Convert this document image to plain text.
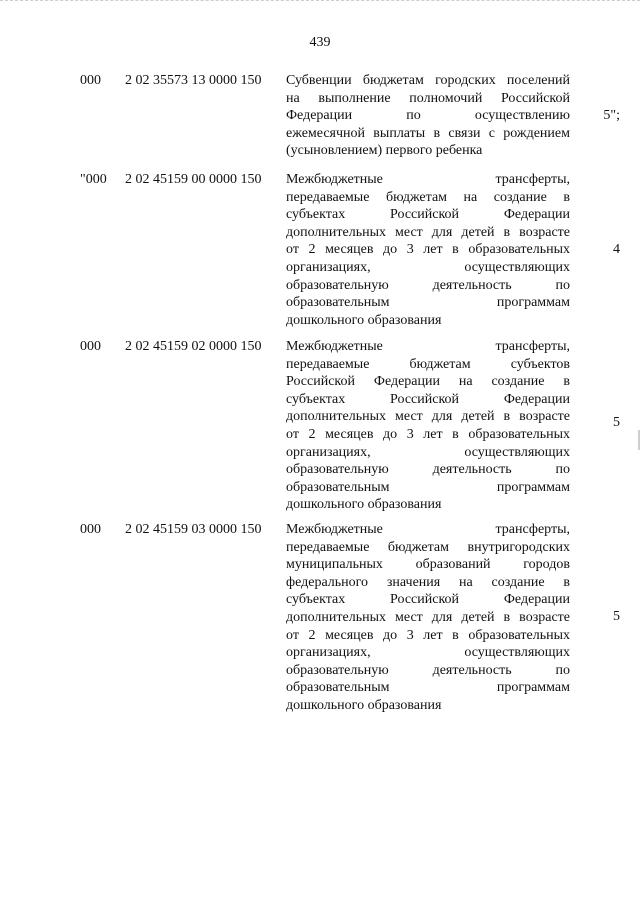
439
000 2 02 35573 13 0000 150 Субвенции бюджетам городских поселений
на выполнение полномочий Российской
Федерации по осуществлению
ежемесячной выплаты в связи с рождением
(усыновлением) первого ребенка
5";
"000 2 02 45159 00 0000 150 Межбюджетные трансферты,
передаваемые бюджетам на создание в
субъектах Российской Федерации
дополнительных мест для детей в возрасте
от 2 месяцев до 3 лет в образовательных
организациях, осуществляющих
образовательную деятельность по
образовательным программам
дошкольного образования
4
000 2 02 45159 02 0000 150 Межбюджетные трансферты,
передаваемые бюджетам субъектов
Российской Федерации на создание в
субъектах Российской Федерации
дополнительных мест для детей в возрасте
от 2 месяцев до 3 лет в образовательных
организациях, осуществляющих
образовательную деятельность по
образовательным программам
дошкольного образования
5
000 2 02 45159 03 0000 150 Межбюджетные трансферты,
передаваемые бюджетам внутригородских
муниципальных образований городов
федерального значения на создание в
субъектах Российской Федерации
дополнительных мест для детей в возрасте
от 2 месяцев до 3 лет в образовательных
организациях, осуществляющих
образовательную деятельность по
образовательным программам
дошкольного образования
5
